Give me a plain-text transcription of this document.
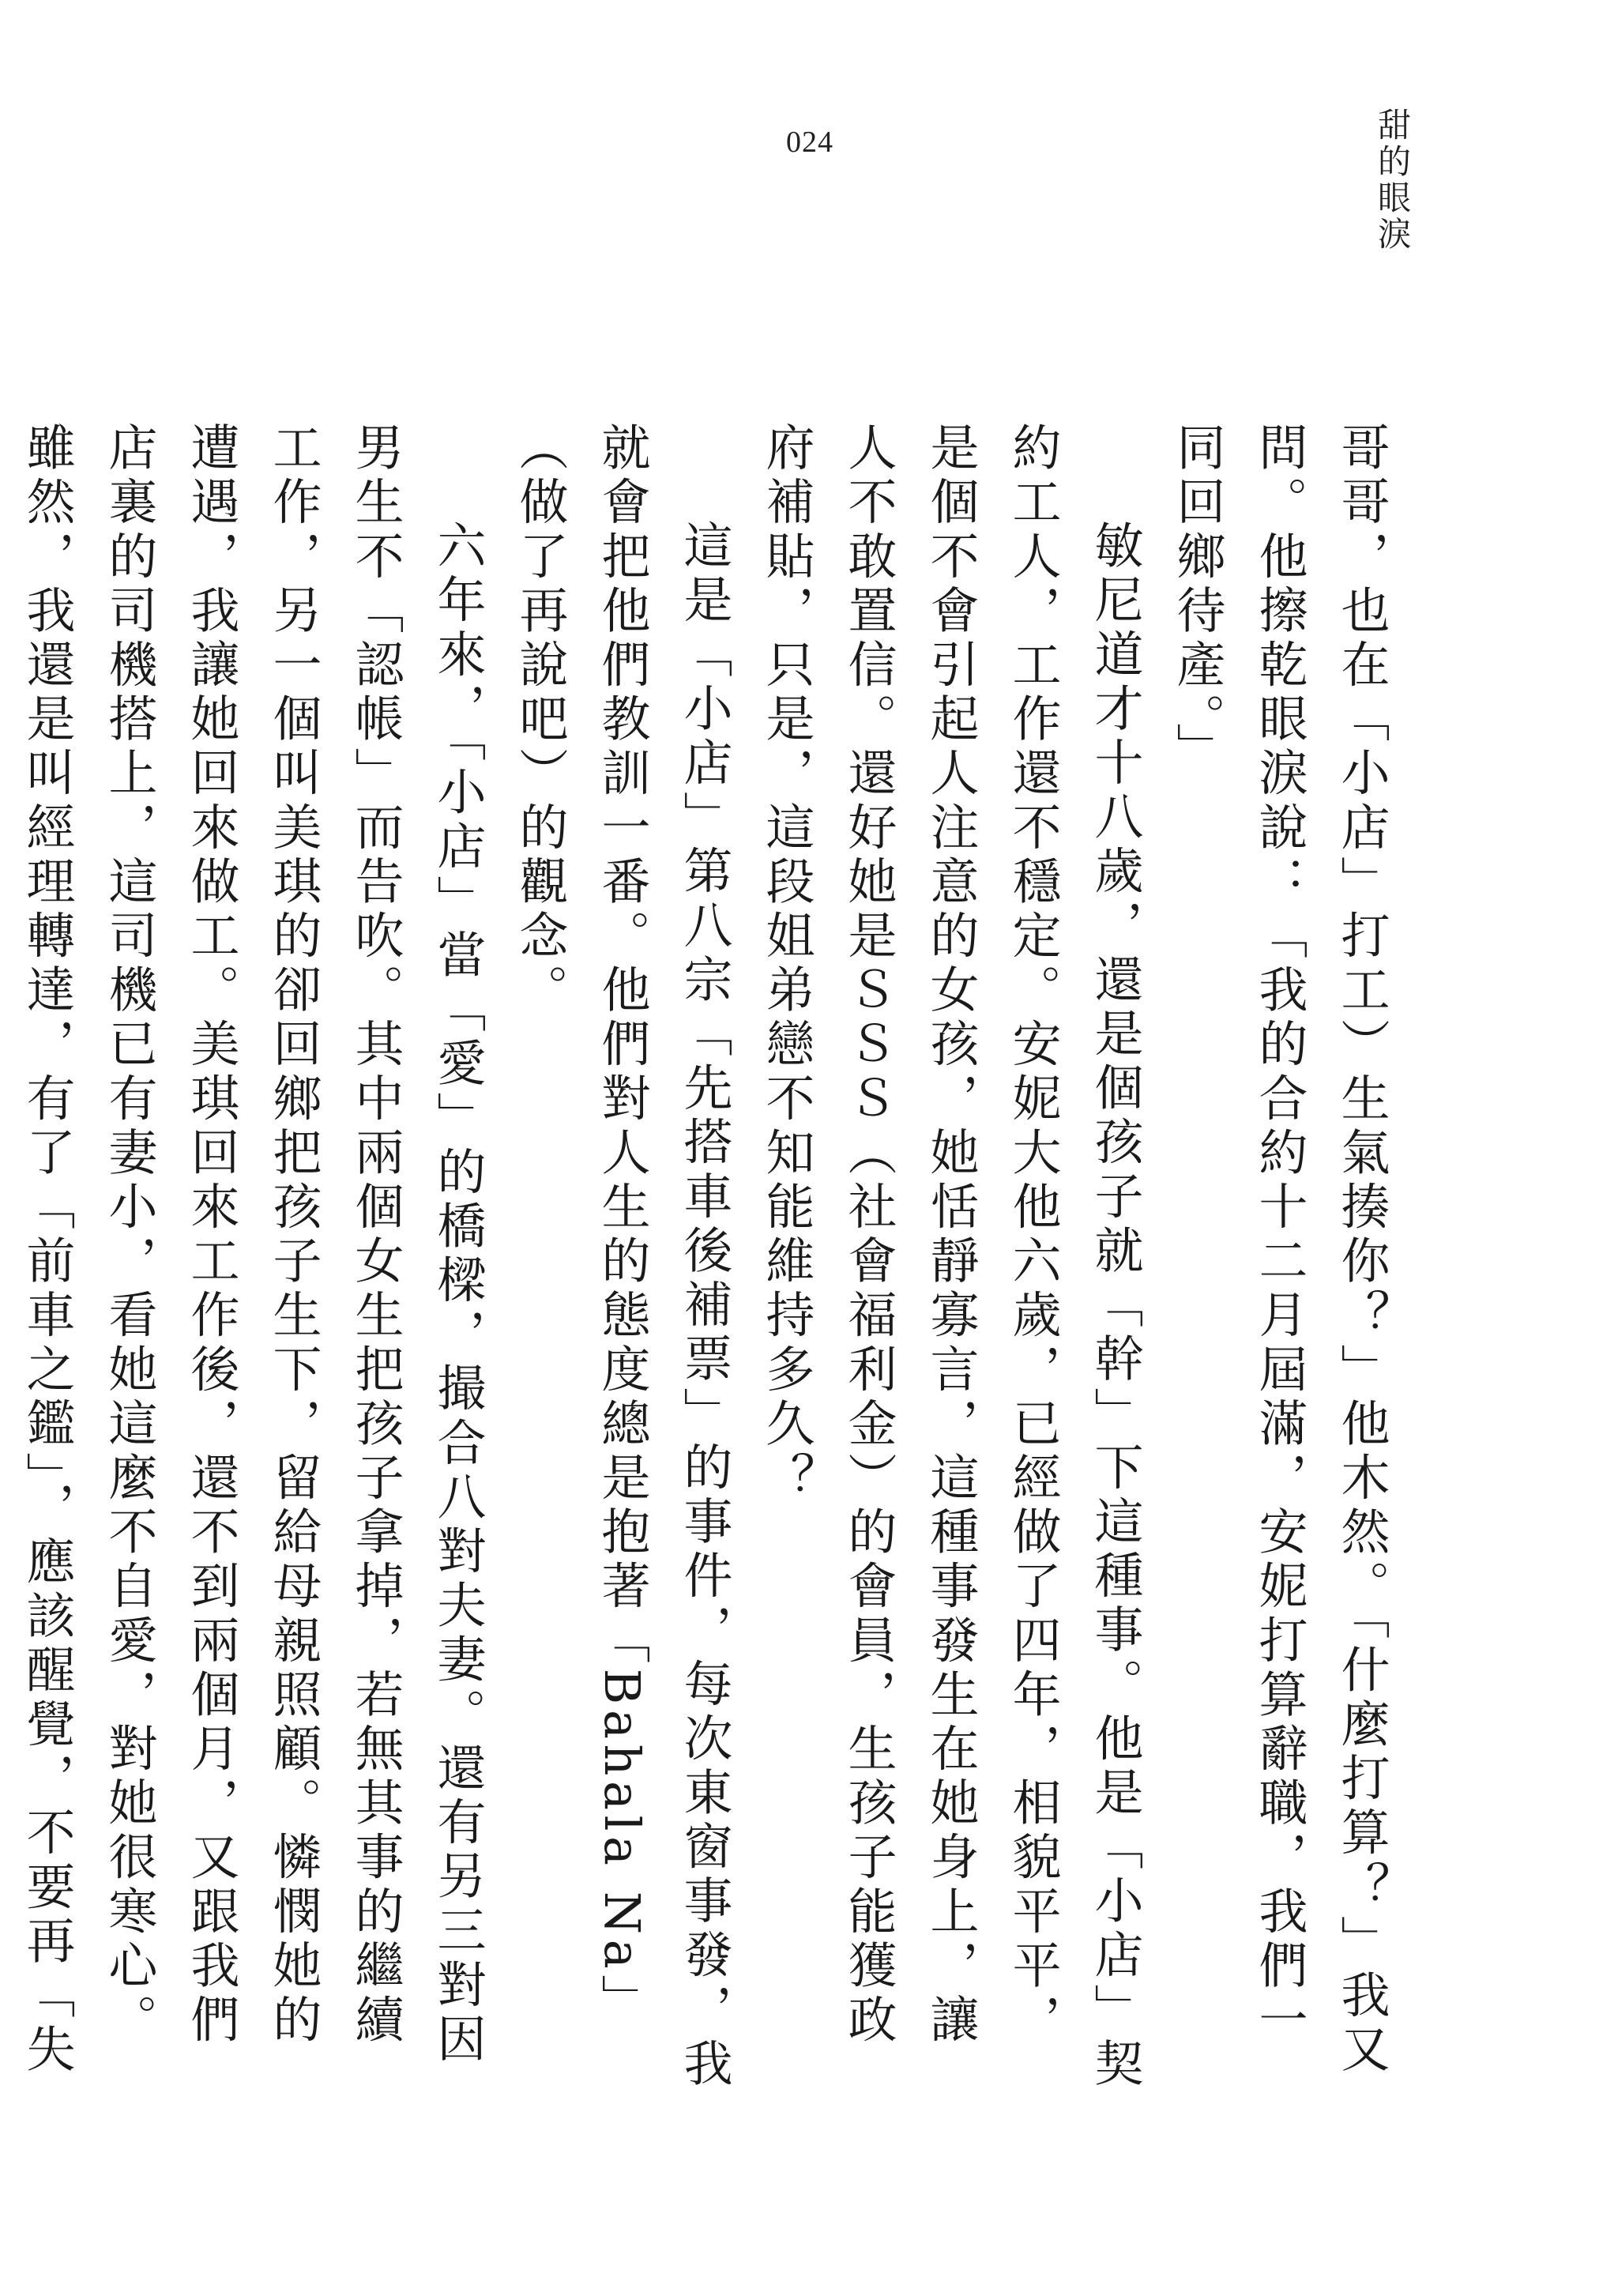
024	甜的眼淚

哥哥，也在「小店」打工）生氣揍你？」他木然。「什麼打算？」我又問。他擦乾眼淚說：「我的合約十二月屆滿，安妮打算辭職，我們一同回鄉待產。」

敏尼道才十八歲，還是個孩子就「幹」下這種事。他是「小店」契約工人，工作還不穩定。安妮大他六歲，已經做了四年，相貌平平，是個不會引起人注意的女孩，她恬靜寡言，這種事發生在她身上，讓人不敢置信。還好她是ＳＳＳ（社會福利金）的會員，生孩子能獲政府補貼，只是，這段姐弟戀不知能維持多久？

這是「小店」第八宗「先搭車後補票」的事件，每次東窗事發，我就會把他們教訓一番。他們對人生的態度總是抱著「Bahala Na」（做了再說吧）的觀念。

六年來，「小店」當「愛」的橋樑，撮合八對夫妻。還有另三對因男生不「認帳」而告吹。其中兩個女生把孩子拿掉，若無其事的繼續工作，另一個叫美琪的卻回鄉把孩子生下，留給母親照顧。憐憫她的遭遇，我讓她回來做工。美琪回來工作後，還不到兩個月，又跟我們店裏的司機搭上，這司機已有妻小，看她這麼不自愛，對她很寒心。雖然，我還是叫經理轉達，有了「前車之鑑」，應該醒覺，不要再「失
